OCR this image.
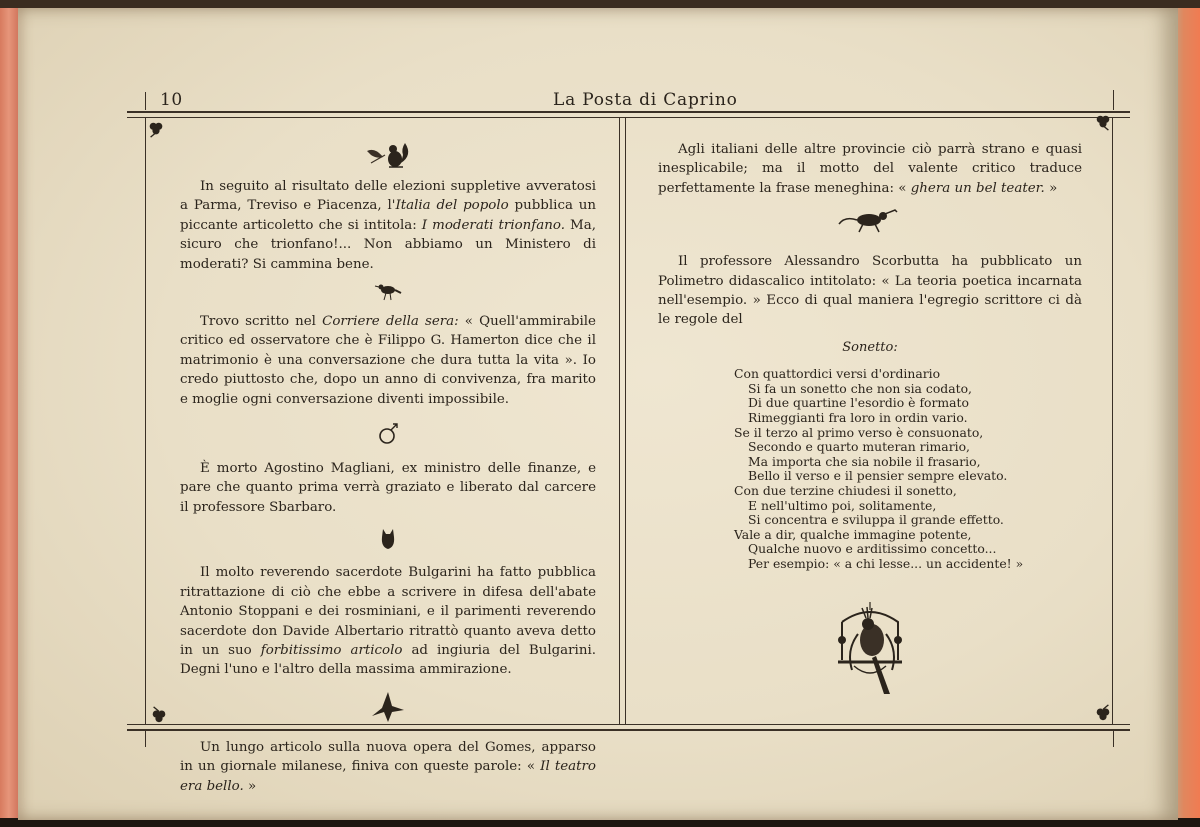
10	La Posta di Caprino

In seguito al risultato delle elezioni suppletive avveratosi a Parma, Treviso e Piacenza, l'Italia del popolo pubblica un piccante articoletto che si intitola: I moderati trionfano. Ma, sicuro che trionfano!... Non abbiamo un Ministero di moderati? Si cammina bene.

Trovo scritto nel Corriere della sera: « Quell'ammirabile critico ed osservatore che è Filippo G. Hamerton dice che il matrimonio è una conversazione che dura tutta la vita ». Io credo piuttosto che, dopo un anno di convivenza, fra marito e moglie ogni conversazione diventi impossibile.

È morto Agostino Magliani, ex ministro delle finanze, e pare che quanto prima verrà graziato e liberato dal carcere il professore Sbarbaro.

Il molto reverendo sacerdote Bulgarini ha fatto pubblica ritrattazione di ciò che ebbe a scrivere in difesa dell'abate Antonio Stoppani e dei rosminiani, e il parimenti reverendo sacerdote don Davide Albertario ritrattò quanto aveva detto in un suo forbitissimo articolo ad ingiuria del Bulgarini. Degni l'uno e l'altro della massima ammirazione.

Un lungo articolo sulla nuova opera del Gomes, apparso in un giornale milanese, finiva con queste parole: « Il teatro era bello. »

Agli italiani delle altre provincie ciò parrà strano e quasi inesplicabile; ma il motto del valente critico traduce perfettamente la frase meneghina: « ghera un bel teater. »

Il professore Alessandro Scorbutta ha pubblicato un Polimetro didascalico intitolato: « La teoria poetica incarnata nell'esempio. » Ecco di qual maniera l'egregio scrittore ci dà le regole del

Sonetto:
Con quattordici versi d'ordinario
Si fa un sonetto che non sia codato,
Di due quartine l'esordio è formato
Rimeggianti fra loro in ordin vario.
Se il terzo al primo verso è consuonato,
Secondo e quarto muteran rimario,
Ma importa che sia nobile il frasario,
Bello il verso e il pensier sempre elevato.
Con due terzine chiudesi il sonetto,
E nell'ultimo poi, solitamente,
Si concentra e sviluppa il grande effetto.
Vale a dir, qualche immagine potente,
Qualche nuovo e arditissimo concetto...
Per esempio: « a chi lesse... un accidente! »
